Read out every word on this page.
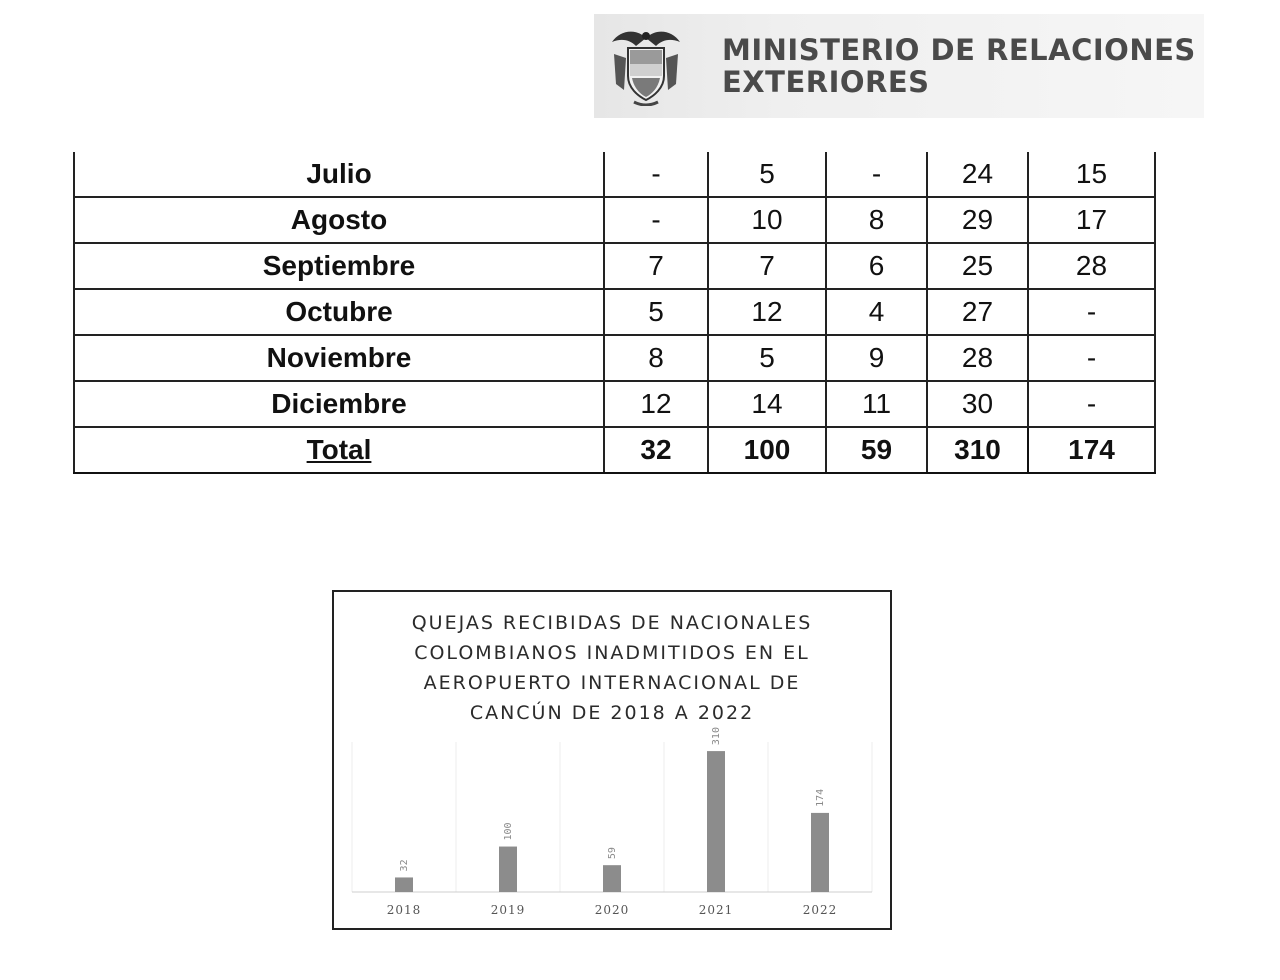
MINISTERIO DE RELACIONES
EXTERIORES
Julio	-	5	-	24	15
Agosto	-	10	8	29	17
Septiembre	7	7	6	25	28
Octubre	5	12	4	27	-
Noviembre	8	5	9	28	-
Diciembre	12	14	11	30	-
Total	32	100	59	310	174
QUEJAS RECIBIDAS DE NACIONALES
COLOMBIANOS INADMITIDOS EN EL
AEROPUERTO INTERNACIONAL DE
CANCÚN DE 2018 A 2022
32
2018
100
2019
59
2020
310
2021
174
2022
